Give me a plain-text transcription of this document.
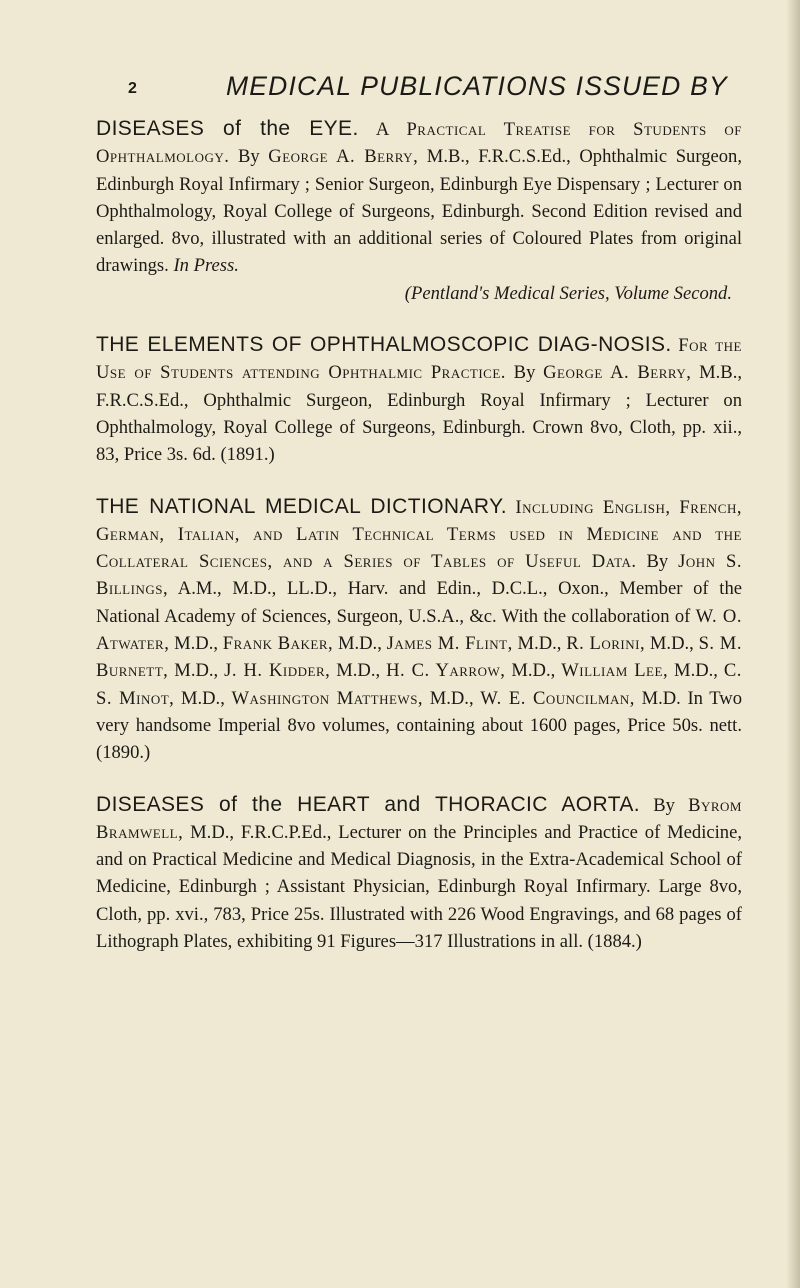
2	MEDICAL PUBLICATIONS ISSUED BY

DISEASES of the EYE. A Practical Treatise for Students of Ophthalmology. By George A. Berry, M.B., F.R.C.S.Ed., Ophthalmic Surgeon, Edinburgh Royal Infirmary ; Senior Surgeon, Edinburgh Eye Dispensary ; Lecturer on Ophthalmology, Royal College of Surgeons, Edinburgh. Second Edition revised and enlarged. 8vo, illustrated with an additional series of Coloured Plates from original drawings. In Press.

(Pentland's Medical Series, Volume Second.

THE ELEMENTS OF OPHTHALMOSCOPIC DIAG-NOSIS. For the Use of Students attending Ophthalmic Practice. By George A. Berry, M.B., F.R.C.S.Ed., Ophthalmic Surgeon, Edinburgh Royal Infirmary ; Lecturer on Ophthalmology, Royal College of Surgeons, Edinburgh. Crown 8vo, Cloth, pp. xii., 83, Price 3s. 6d. (1891.)

THE NATIONAL MEDICAL DICTIONARY. Including English, French, German, Italian, and Latin Technical Terms used in Medicine and the Collateral Sciences, and a Series of Tables of Useful Data. By John S. Billings, A.M., M.D., LL.D., Harv. and Edin., D.C.L., Oxon., Member of the National Academy of Sciences, Surgeon, U.S.A., &c. With the collaboration of W. O. Atwater, M.D., Frank Baker, M.D., James M. Flint, M.D., R. Lorini, M.D., S. M. Burnett, M.D., J. H. Kidder, M.D., H. C. Yarrow, M.D., William Lee, M.D., C. S. Minot, M.D., Washington Matthews, M.D., W. E. Councilman, M.D. In Two very handsome Imperial 8vo volumes, containing about 1600 pages, Price 50s. nett. (1890.)

DISEASES of the HEART and THORACIC AORTA. By Byrom Bramwell, M.D., F.R.C.P.Ed., Lecturer on the Principles and Practice of Medicine, and on Practical Medicine and Medical Diagnosis, in the Extra-Academical School of Medicine, Edinburgh ; Assistant Physician, Edinburgh Royal Infirmary. Large 8vo, Cloth, pp. xvi., 783, Price 25s. Illustrated with 226 Wood Engravings, and 68 pages of Lithograph Plates, exhibiting 91 Figures—317 Illustrations in all. (1884.)
